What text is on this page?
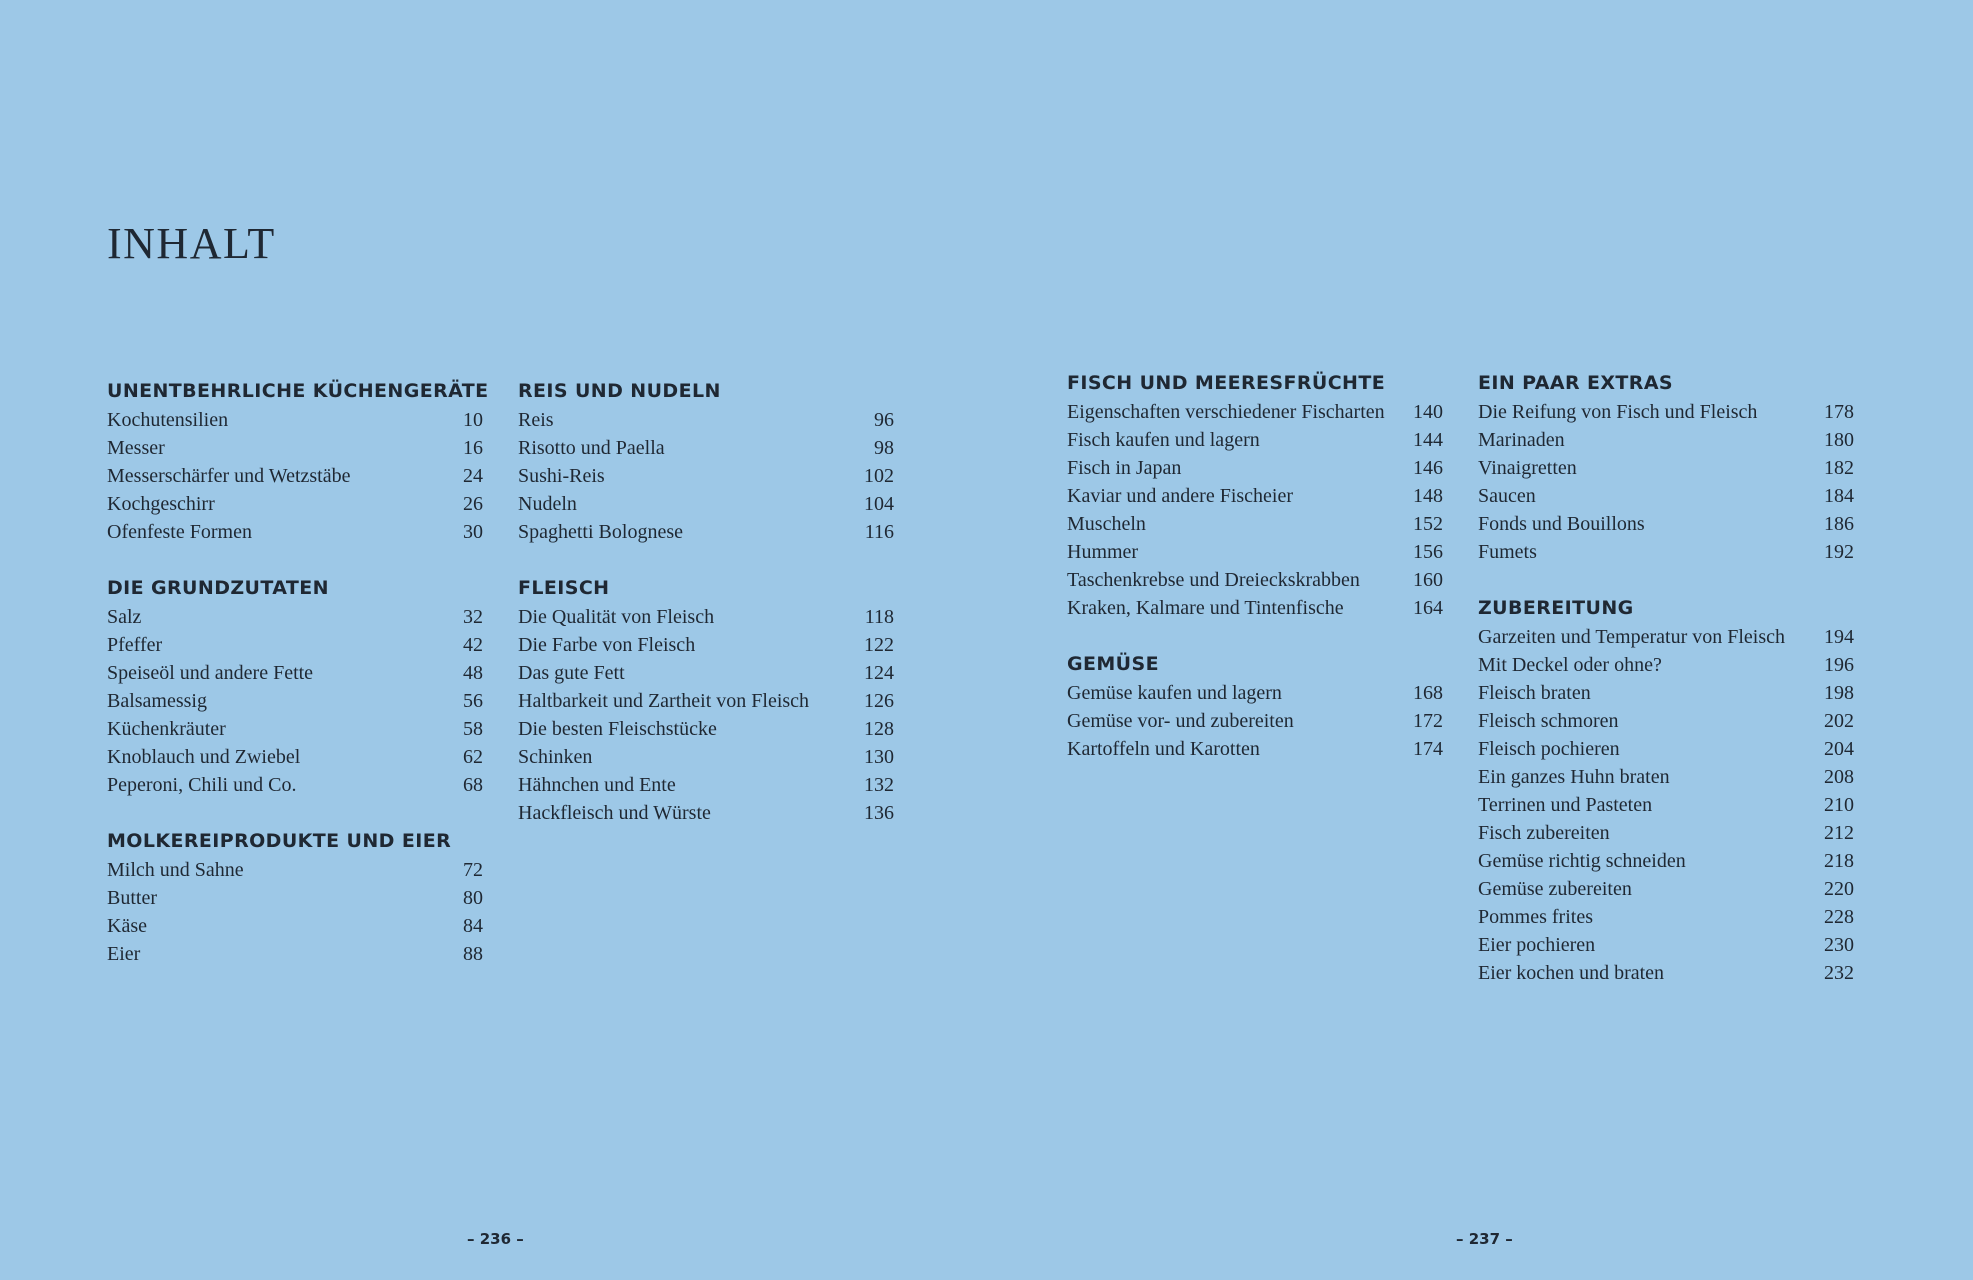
INHALT
UNENTBEHRLICHE KÜCHENGERÄTE
Kochutensilien	10
Messer	16
Messerschärfer und Wetzstäbe	24
Kochgeschirr	26
Ofenfeste Formen	30
DIE GRUNDZUTATEN
Salz	32
Pfeffer	42
Speiseöl und andere Fette	48
Balsamessig	56
Küchenkräuter	58
Knoblauch und Zwiebel	62
Peperoni, Chili und Co.	68
MOLKEREIPRODUKTE UND EIER
Milch und Sahne	72
Butter	80
Käse	84
Eier	88
REIS UND NUDELN
Reis	96
Risotto und Paella	98
Sushi-Reis	102
Nudeln	104
Spaghetti Bolognese	116
FLEISCH
Die Qualität von Fleisch	118
Die Farbe von Fleisch	122
Das gute Fett	124
Haltbarkeit und Zartheit von Fleisch	126
Die besten Fleischstücke	128
Schinken	130
Hähnchen und Ente	132
Hackfleisch und Würste	136
FISCH UND MEERESFRÜCHTE
Eigenschaften verschiedener Fischarten 140
Fisch kaufen und lagern	144
Fisch in Japan	146
Kaviar und andere Fischeier	148
Muscheln	152
Hummer	156
Taschenkrebse und Dreieckskrabben	160
Kraken, Kalmare und Tintenfische	164
GEMÜSE
Gemüse kaufen und lagern	168
Gemüse vor- und zubereiten	172
Kartoffeln und Karotten	174
EIN PAAR EXTRAS
Die Reifung von Fisch und Fleisch	178
Marinaden	180
Vinaigretten	182
Saucen	184
Fonds und Bouillons	186
Fumets	192
ZUBEREITUNG
Garzeiten und Temperatur von Fleisch 194
Mit Deckel oder ohne?	196
Fleisch braten	198
Fleisch schmoren	202
Fleisch pochieren	204
Ein ganzes Huhn braten	208
Terrinen und Pasteten	210
Fisch zubereiten	212
Gemüse richtig schneiden	218
Gemüse zubereiten	220
Pommes frites	228
Eier pochieren	230
Eier kochen und braten	232
– 236 –	– 237 –
